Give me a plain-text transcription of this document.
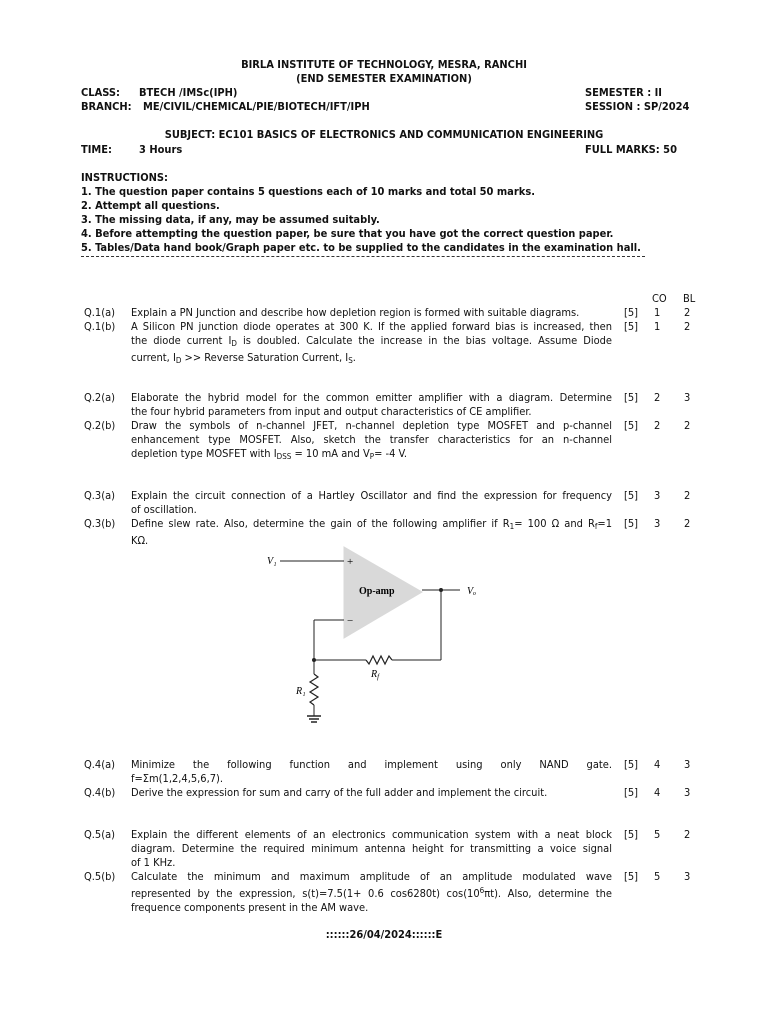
BIRLA INSTITUTE OF TECHNOLOGY, MESRA, RANCHI
(END SEMESTER EXAMINATION)
CLASS: BTECH /IMSc(IPH)	SEMESTER : II
BRANCH: ME/CIVIL/CHEMICAL/PIE/BIOTECH/IFT/IPH	SESSION : SP/2024
SUBJECT: EC101 BASICS OF ELECTRONICS AND COMMUNICATION ENGINEERING
TIME: 3 Hours	FULL MARKS: 50
INSTRUCTIONS:
1. The question paper contains 5 questions each of 10 marks and total 50 marks.
2. Attempt all questions.
3. The missing data, if any, may be assumed suitably.
4. Before attempting the question paper, be sure that you have got the correct question paper.
5. Tables/Data hand book/Graph paper etc. to be supplied to the candidates in the examination hall.
CO BL
Q.1(a)	Explain a PN Junction and describe how depletion region is formed with suitable diagrams.	[5] 1 2
Q.1(b)	A Silicon PN junction diode operates at 300 K. If the applied forward bias is increased, then
the diode current $I_D$ is doubled. Calculate the increase in the bias voltage. Assume Diode
current, $I_D$ >> Reverse Saturation Current, $I_S$.
[5] 1 2
Q.2(a)	Elaborate the hybrid model for the common emitter amplifier with a diagram. Determine
the four hybrid parameters from input and output characteristics of CE amplifier.
[5] 2 3
Q.2(b)	Draw the symbols of n-channel JFET, n-channel depletion type MOSFET and p-channel
enhancement type MOSFET. Also, sketch the transfer characteristics for an n-channel
depletion type MOSFET with $I_{DSS} = 10$ mA and $V_P= -4$ V.
[5] 2 2
Q.3(a)	Explain the circuit connection of a Hartley Oscillator and find the expression for frequency
of oscillation.
[5] 3 2
Q.3(b)	Define slew rate. Also, determine the gain of the following amplifier if $R_1= 100$ Ω and $R_f=1$
KΩ.
[5] 3 2
Q.4(a)	Minimize the following function and implement using only NAND gate.
f=Σm(1,2,4,5,6,7).
[5] 4 3
Q.4(b)	Derive the expression for sum and carry of the full adder and implement the circuit.	[5] 4 3
Q.5(a)	Explain the different elements of an electronics communication system with a neat block
diagram. Determine the required minimum antenna height for transmitting a voice signal
of 1 KHz.
[5] 5 2
Q.5(b)	Calculate the minimum and maximum amplitude of an amplitude modulated wave
represented by the expression, s(t)=7.5(1+ 0.6 cos6280t) $\cos(10^6\pi t)$. Also, determine the
frequence components present in the AM wave.
[5] 5 3
V₁	+
−
Op-amp	Vₒ
$R_f$
R₁
::::::26/04/2024::::::E
